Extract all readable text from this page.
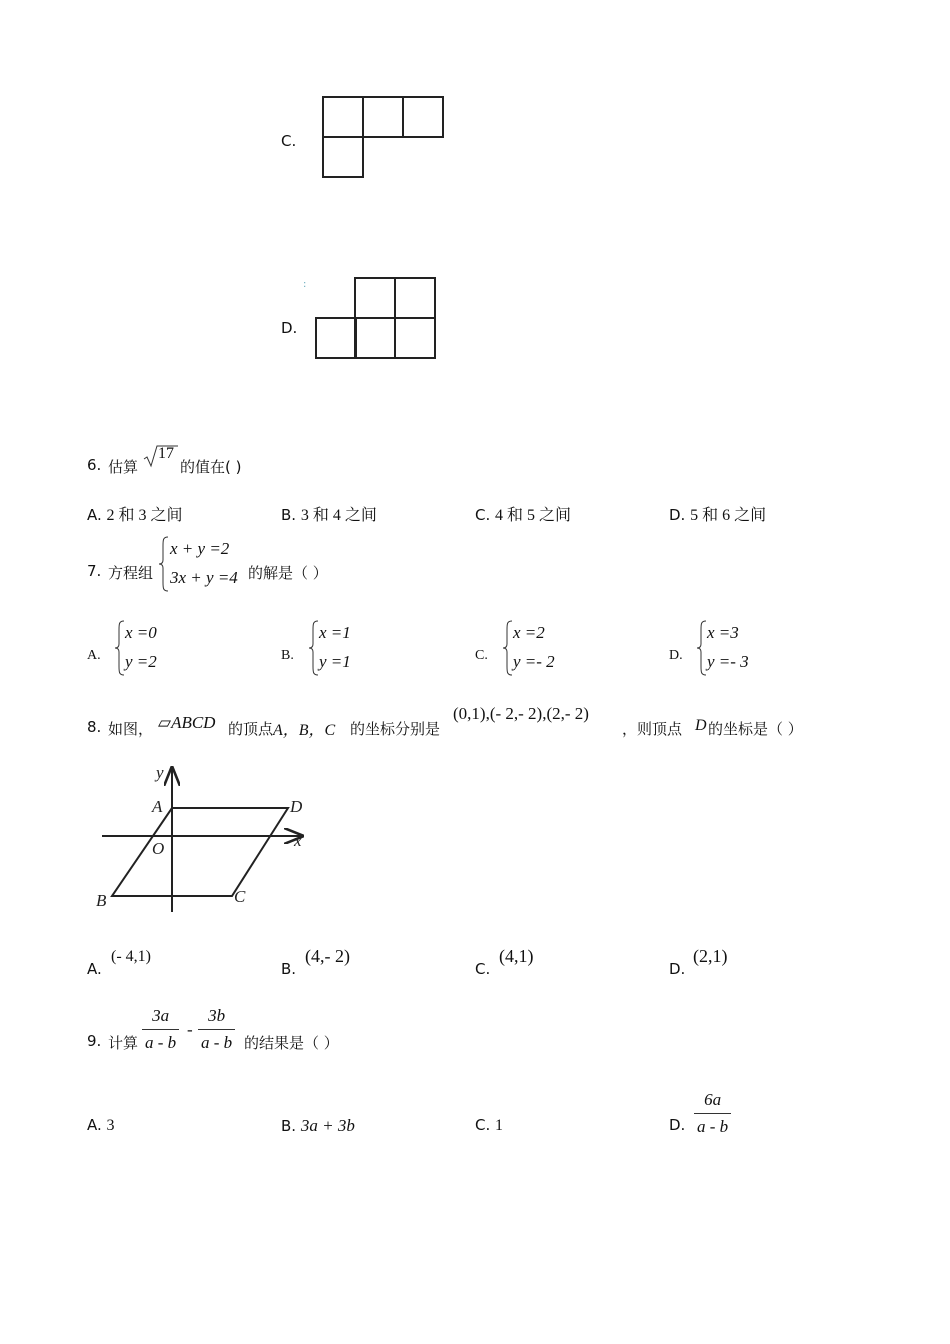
C.
:
D.
6. 估算
17
的值在( )
A. 2 和 3 之间	B. 3 和 4 之间	C. 4 和 5 之间	D. 5 和 6 之间
7. 方程组
x + y =2
3x + y =4 的解是（ ）
A.
x =0
y =2	B.
x =1
y =1	C.
x =2
y =- 2	D.
x =3
y =- 3
8. 如图， ▱ABCD 的顶点 A，B，C 的坐标分别是
(0,1),(- 2,- 2),(2,- 2)
，则顶点 D 的坐标是（ ）
x
y
O
A
B	C
D
A.
(- 4,1)
B.
(4,- 2)
C.
(4,1)
D.
(2,1)
9. 计算 $\frac{3a}{a - b} - \frac{3b}{a - b}$ 的结果是（ ）
A. 3	B. 3a + 3b	C. 1	D. $\frac{6a}{a - b}$
